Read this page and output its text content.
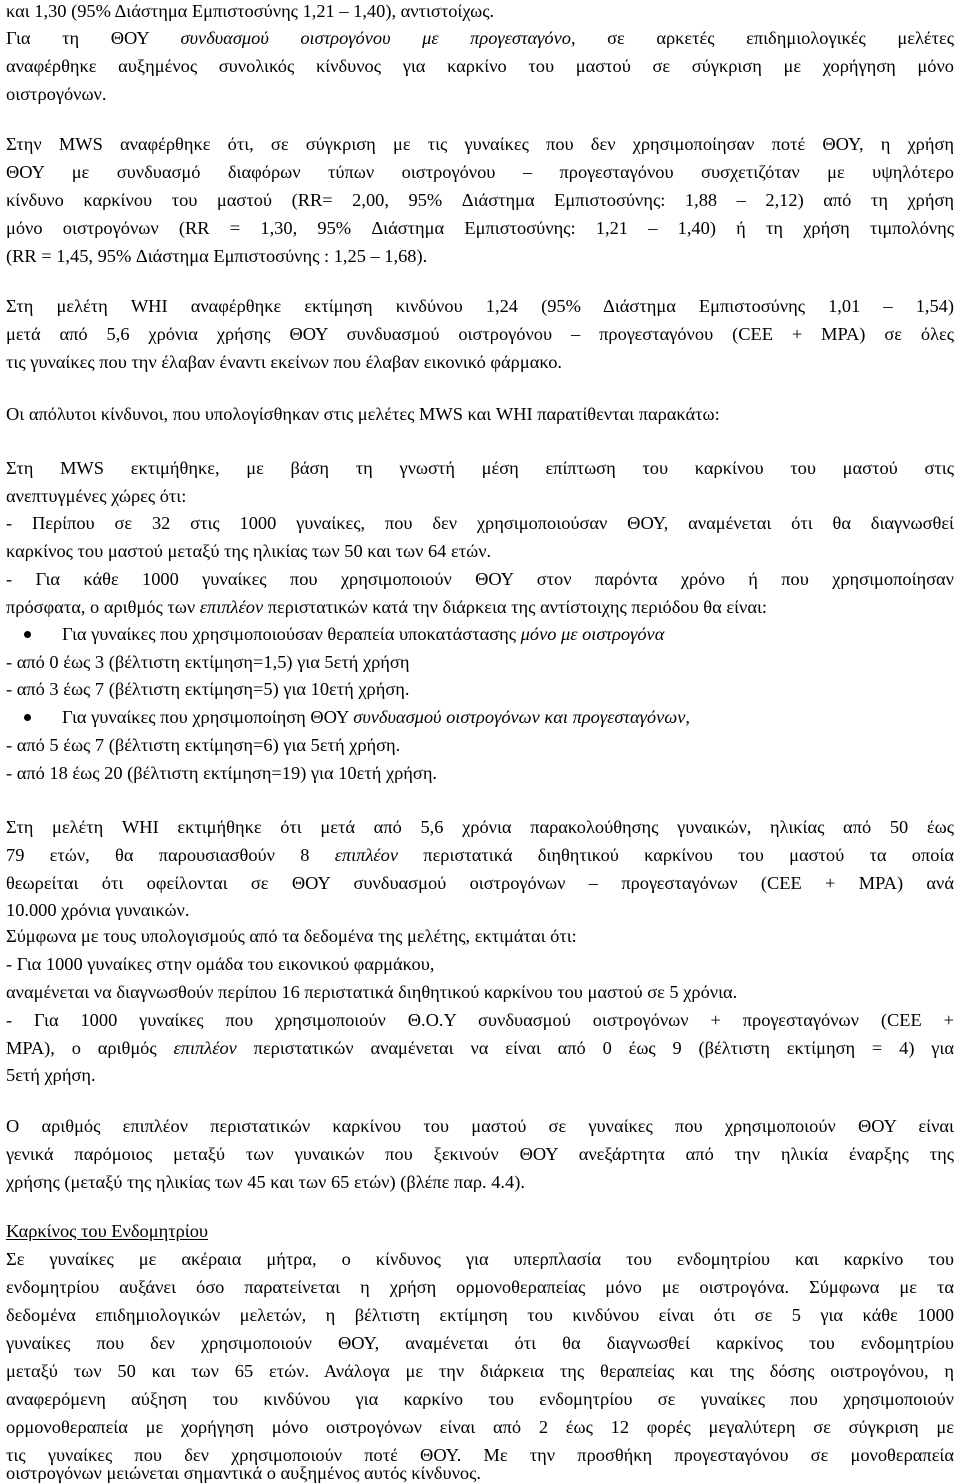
και 1,30 (95% Διάστημα Εμπιστοσύνης 1,21 – 1,40), αντιστοίχως.
Για τη ΘΟΥ συνδυασμού οιστρογόνου με προγεσταγόνο, σε αρκετές επιδημιολογικές μελέτες
αναφέρθηκε αυξημένος συνολικός κίνδυνος για καρκίνο του μαστού σε σύγκριση με χορήγηση μόνο
οιστρογόνων.
Στην MWS αναφέρθηκε ότι, σε σύγκριση με τις γυναίκες που δεν χρησιμοποίησαν ποτέ ΘΟΥ, η χρήση
ΘΟΥ με συνδυασμό διαφόρων τύπων οιστρογόνου – προγεσταγόνου συσχετιζόταν με υψηλότερο
κίνδυνο καρκίνου του μαστού (RR= 2,00, 95% Διάστημα Εμπιστοσύνης: 1,88 – 2,12) από τη χρήση
μόνο οιστρογόνων (RR = 1,30, 95% Διάστημα Εμπιστοσύνης: 1,21 – 1,40) ή τη χρήση τιμπολόνης
(RR = 1,45, 95% Διάστημα Εμπιστοσύνης : 1,25 – 1,68).
Στη μελέτη WHI αναφέρθηκε εκτίμηση κινδύνου 1,24 (95% Διάστημα Εμπιστοσύνης 1,01 – 1,54)
μετά από 5,6 χρόνια χρήσης ΘΟΥ συνδυασμού οιστρογόνου – προγεσταγόνου (CEE + MPA) σε όλες
τις γυναίκες που την έλαβαν έναντι εκείνων που έλαβαν εικονικό φάρμακο.
Οι απόλυτοι κίνδυνοι, που υπολογίσθηκαν στις μελέτες MWS και WHI παρατίθενται παρακάτω:
Στη MWS εκτιμήθηκε, με βάση τη γνωστή μέση επίπτωση του καρκίνου του μαστού στις
ανεπτυγμένες χώρες ότι:
- Περίπου σε 32 στις 1000 γυναίκες, που δεν χρησιμοποιούσαν ΘΟΥ, αναμένεται ότι θα διαγνωσθεί
καρκίνος του μαστού μεταξύ της ηλικίας των 50 και των 64 ετών.
- Για κάθε 1000 γυναίκες που χρησιμοποιούν ΘΟΥ στον παρόντα χρόνο ή που χρησιμοποίησαν
πρόσφατα, ο αριθμός των επιπλέον περιστατικών κατά την διάρκεια της αντίστοιχης περιόδου θα είναι:
Για γυναίκες που χρησιμοποιούσαν θεραπεία υποκατάστασης μόνο με οιστρογόνα
- από 0 έως 3 (βέλτιστη εκτίμηση=1,5) για 5ετή χρήση
- από 3 έως 7 (βέλτιστη εκτίμηση=5) για 10ετή χρήση.
Για γυναίκες που χρησιμοποίηση ΘΟΥ συνδυασμού οιστρογόνων και προγεσταγόνων,
- από 5 έως 7 (βέλτιστη εκτίμηση=6) για 5ετή χρήση.
- από 18 έως 20 (βέλτιστη εκτίμηση=19) για 10ετή χρήση.
Στη μελέτη WHI εκτιμήθηκε ότι μετά από 5,6 χρόνια παρακολούθησης γυναικών, ηλικίας από 50 έως
79 ετών, θα παρουσιασθούν 8 επιπλέον περιστατικά διηθητικού καρκίνου του μαστού τα οποία
θεωρείται ότι οφείλονται σε ΘΟΥ συνδυασμού οιστρογόνων – προγεσταγόνων (CEE + MPA) ανά
10.000 χρόνια γυναικών.
Σύμφωνα με τους υπολογισμούς από τα δεδομένα της μελέτης, εκτιμάται ότι:
- Για 1000 γυναίκες στην ομάδα του εικονικού φαρμάκου,
αναμένεται να διαγνωσθούν περίπου 16 περιστατικά διηθητικού καρκίνου του μαστού σε 5 χρόνια.
- Για 1000 γυναίκες που χρησιμοποιούν Θ.Ο.Υ συνδυασμού οιστρογόνων + προγεσταγόνων (CEE +
MPA), ο αριθμός επιπλέον περιστατικών αναμένεται να είναι από 0 έως 9 (βέλτιστη εκτίμηση = 4) για
5ετή χρήση.
Ο αριθμός επιπλέον περιστατικών καρκίνου του μαστού σε γυναίκες που χρησιμοποιούν ΘΟΥ είναι
γενικά παρόμοιος μεταξύ των γυναικών που ξεκινούν ΘΟΥ ανεξάρτητα από την ηλικία έναρξης της
χρήσης (μεταξύ της ηλικίας των 45 και των 65 ετών) (βλέπε παρ. 4.4).
Καρκίνος του Ενδομητρίου
Σε γυναίκες με ακέραια μήτρα, ο κίνδυνος για υπερπλασία του ενδομητρίου και καρκίνο του
ενδομητρίου αυξάνει όσο παρατείνεται η χρήση ορμονοθεραπείας μόνο με οιστρογόνα. Σύμφωνα με τα
δεδομένα επιδημιολογικών μελετών, η βέλτιστη εκτίμηση του κινδύνου είναι ότι σε 5 για κάθε 1000
γυναίκες που δεν χρησιμοποιούν ΘΟΥ, αναμένεται ότι θα διαγνωσθεί καρκίνος του ενδομητρίου
μεταξύ των 50 και των 65 ετών. Ανάλογα με την διάρκεια της θεραπείας και της δόσης οιστρογόνου, η
αναφερόμενη αύξηση του κινδύνου για καρκίνο του ενδομητρίου σε γυναίκες που χρησιμοποιούν
ορμονοθεραπεία με χορήγηση μόνο οιστρογόνων είναι από 2 έως 12 φορές μεγαλύτερη σε σύγκριση με
τις γυναίκες που δεν χρησιμοποιούν ποτέ ΘΟΥ. Με την προσθήκη προγεσταγόνου σε μονοθεραπεία
οιστρογόνων μειώνεται σημαντικά ο αυξημένος αυτός κίνδυνος.
